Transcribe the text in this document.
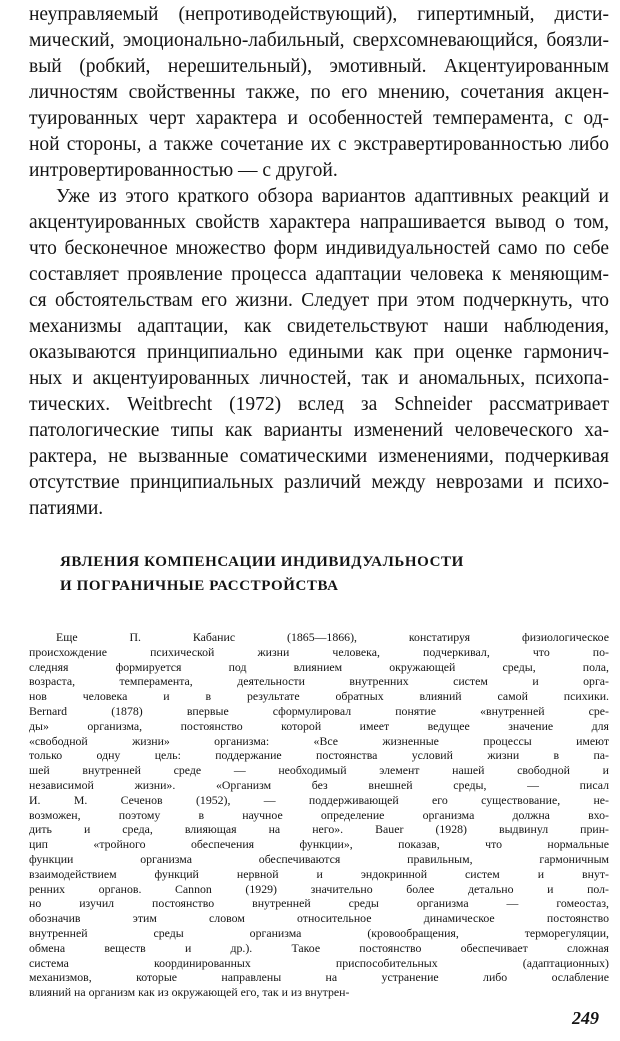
неуправляемый (непротиводействующий), гипертимный, дисти-
мический, эмоционально-лабильный, сверхсомневающийся, боязли-
вый (робкий, нерешительный), эмотивный. Акцентуированным
личностям свойственны также, по его мнению, сочетания акцен-
туированных черт характера и особенностей темперамента, с од-
ной стороны, а также сочетание их с экстравертированностью либо
интровертированностью — с другой.
Уже из этого краткого обзора вариантов адаптивных реакций и
акцентуированных свойств характера напрашивается вывод о том,
что бесконечное множество форм индивидуальностей само по себе
составляет проявление процесса адаптации человека к меняющим-
ся обстоятельствам его жизни. Следует при этом подчеркнуть, что
механизмы адаптации, как свидетельствуют наши наблюдения,
оказываются принципиально едиными как при оценке гармонич-
ных и акцентуированных личностей, так и аномальных, психопа-
тических. Weitbrecht (1972) вслед за Schneider рассматривает
патологические типы как варианты изменений человеческого ха-
рактера, не вызванные соматическими изменениями, подчеркивая
отсутствие принципиальных различий между неврозами и психо-
патиями.
ЯВЛЕНИЯ КОМПЕНСАЦИИ ИНДИВИДУАЛЬНОСТИ
И ПОГРАНИЧНЫЕ РАССТРОЙСТВА
Еще П. Кабанис (1865—1866), констатируя физиологическое
происхождение психической жизни человека, подчеркивал, что по-
следняя формируется под влиянием окружающей среды, пола,
возраста, темперамента, деятельности внутренних систем и орга-
нов человека и в результате обратных влияний самой психики.
Bernard (1878) впервые сформулировал понятие «внутренней сре-
ды» организма, постоянство которой имеет ведущее значение для
«свободной жизни» организма: «Все жизненные процессы имеют
только одну цель: поддержание постоянства условий жизни в па-
шей внутренней среде — необходимый элемент нашей свободной и
независимой жизни». «Организм без внешней среды, — писал
И. М. Сеченов (1952), — поддерживающей его существование, не-
возможен, поэтому в научное определение организма должна вхо-
дить и среда, влияющая на него». Bauer (1928) выдвинул прин-
цип «тройного обеспечения функции», показав, что нормальные
функции организма обеспечиваются правильным, гармоничным
взаимодействием функций нервной и эндокринной систем и внут-
ренних органов. Cannon (1929) значительно более детально и пол-
но изучил постоянство внутренней среды организма — гомеостаз,
обозначив этим словом относительное динамическое постоянство
внутренней среды организма (кровообращения, терморегуляции,
обмена веществ и др.). Такое постоянство обеспечивает сложная
система координированных приспособительных (адаптационных)
механизмов, которые направлены на устранение либо ослабление
влияний на организм как из окружающей его, так и из внутрен-
249
